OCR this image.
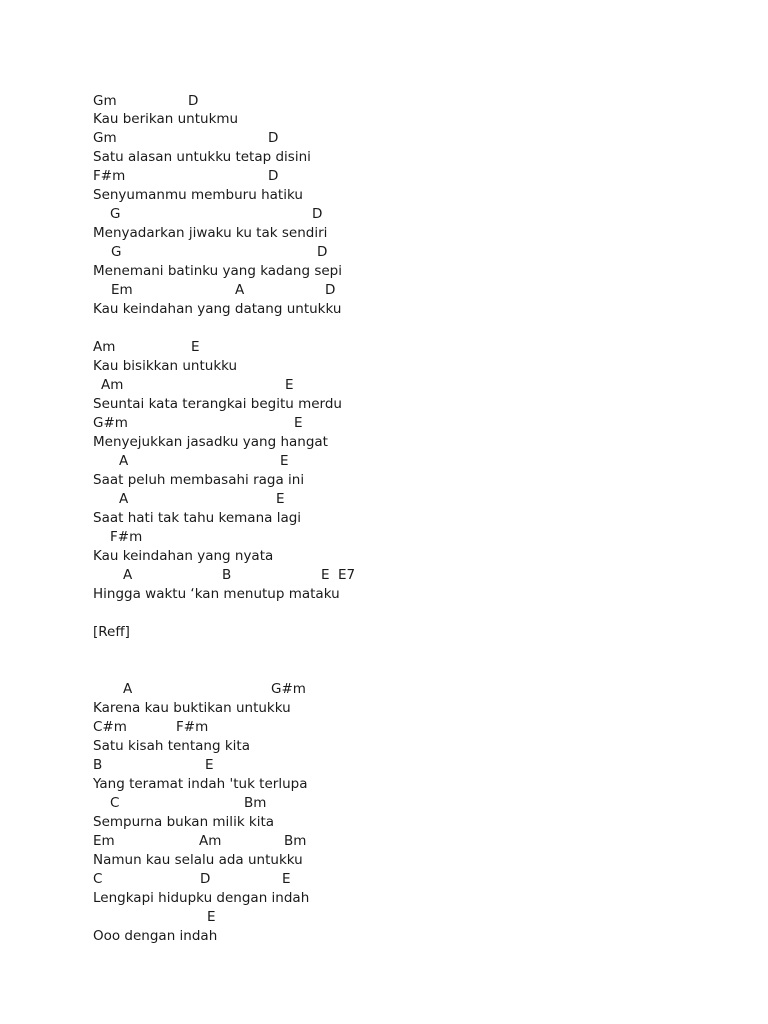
Gm	D
Kau berikan untukmu
Gm	D
Satu alasan untukku tetap disini
F#m	D
Senyumanmu memburu hatiku
G	D
Menyadarkan jiwaku ku tak sendiri
G	D
Menemani batinku yang kadang sepi
Em	A	D
Kau keindahan yang datang untukku
Am	E
Kau bisikkan untukku
Am	E
Seuntai kata terangkai begitu merdu
G#m	E
Menyejukkan jasadku yang hangat
A	E
Saat peluh membasahi raga ini
A	E
Saat hati tak tahu kemana lagi
F#m
Kau keindahan yang nyata
A	B	E E7
Hingga waktu ‘kan menutup mataku
[Reff]
A	G#m
Karena kau buktikan untukku
C#m	F#m
Satu kisah tentang kita
B	E
Yang teramat indah 'tuk terlupa
C	Bm
Sempurna bukan milik kita
Em	Am	Bm
Namun kau selalu ada untukku
C	D	E
Lengkapi hidupku dengan indah
E
Ooo dengan indah
